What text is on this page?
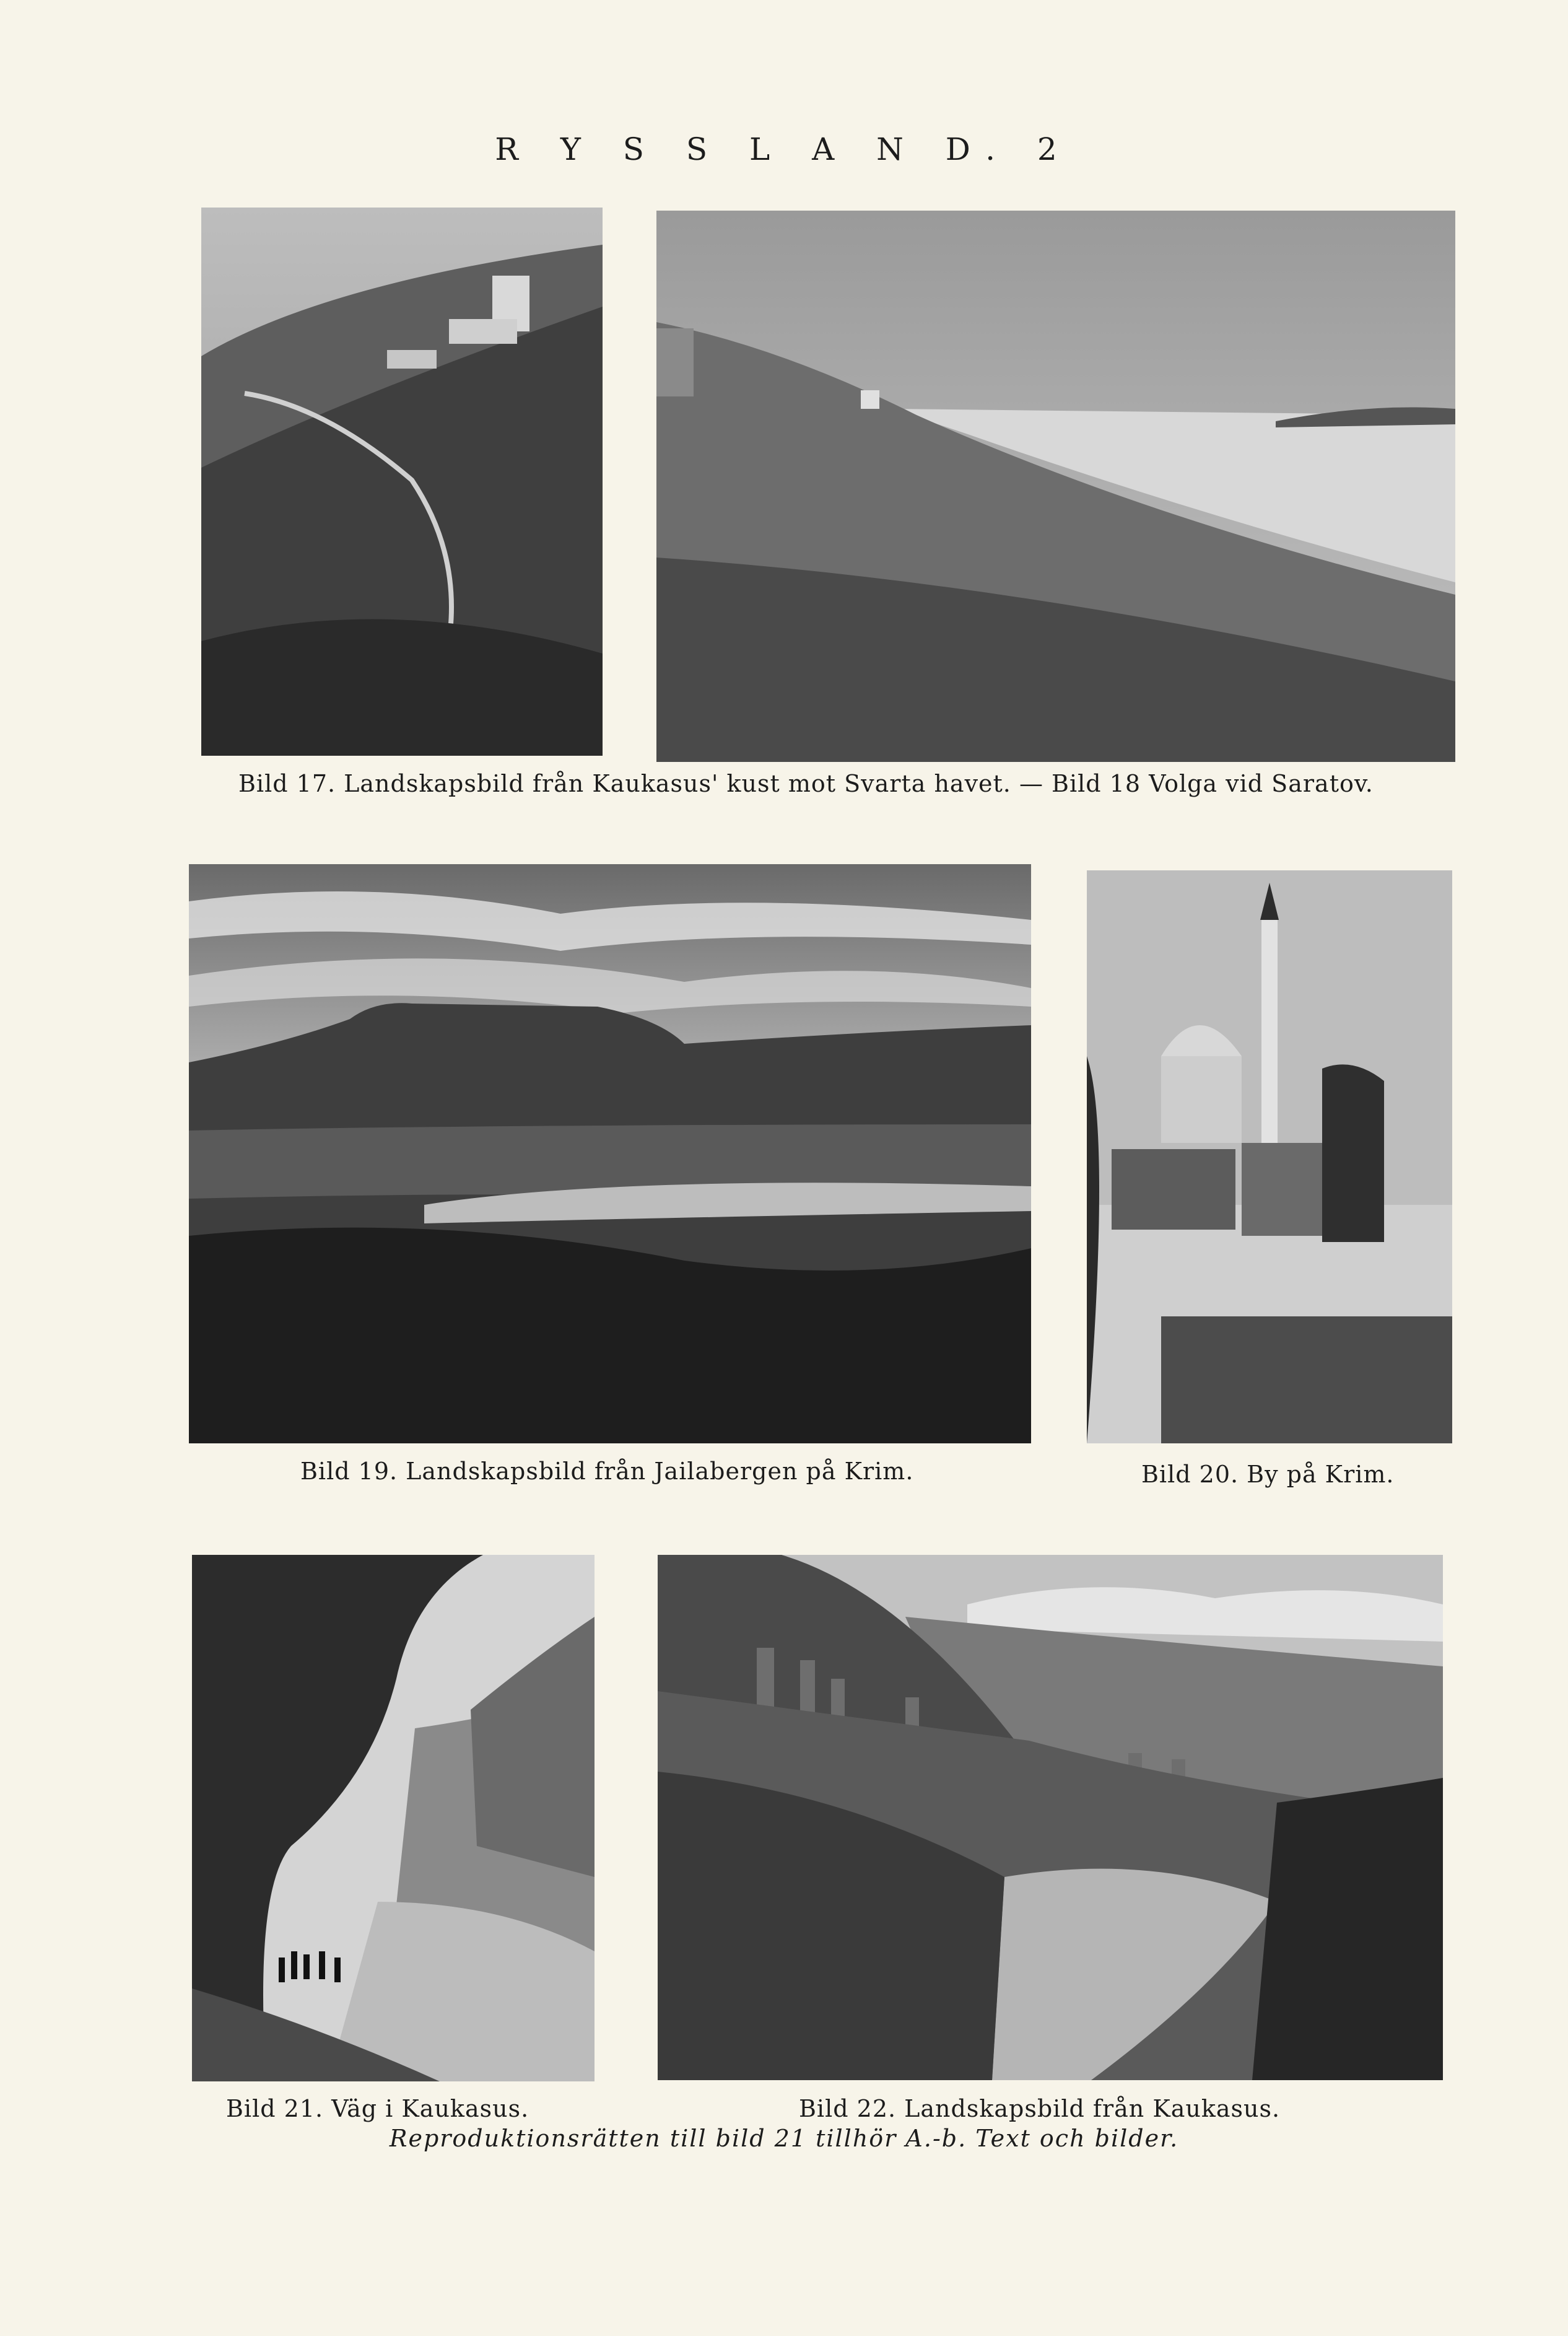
R Y S S L A N D. 2
Bild 17. Landskapsbild från Kaukasus' kust mot Svarta havet. — Bild 18 Volga vid Saratov.
Bild 19. Landskapsbild från Jailabergen på Krim.	Bild 20. By på Krim.
Bild 21. Väg i Kaukasus.	Bild 22. Landskapsbild från Kaukasus.
Reproduktionsrätten till bild 21 tillhör A.-b. Text och bilder.
